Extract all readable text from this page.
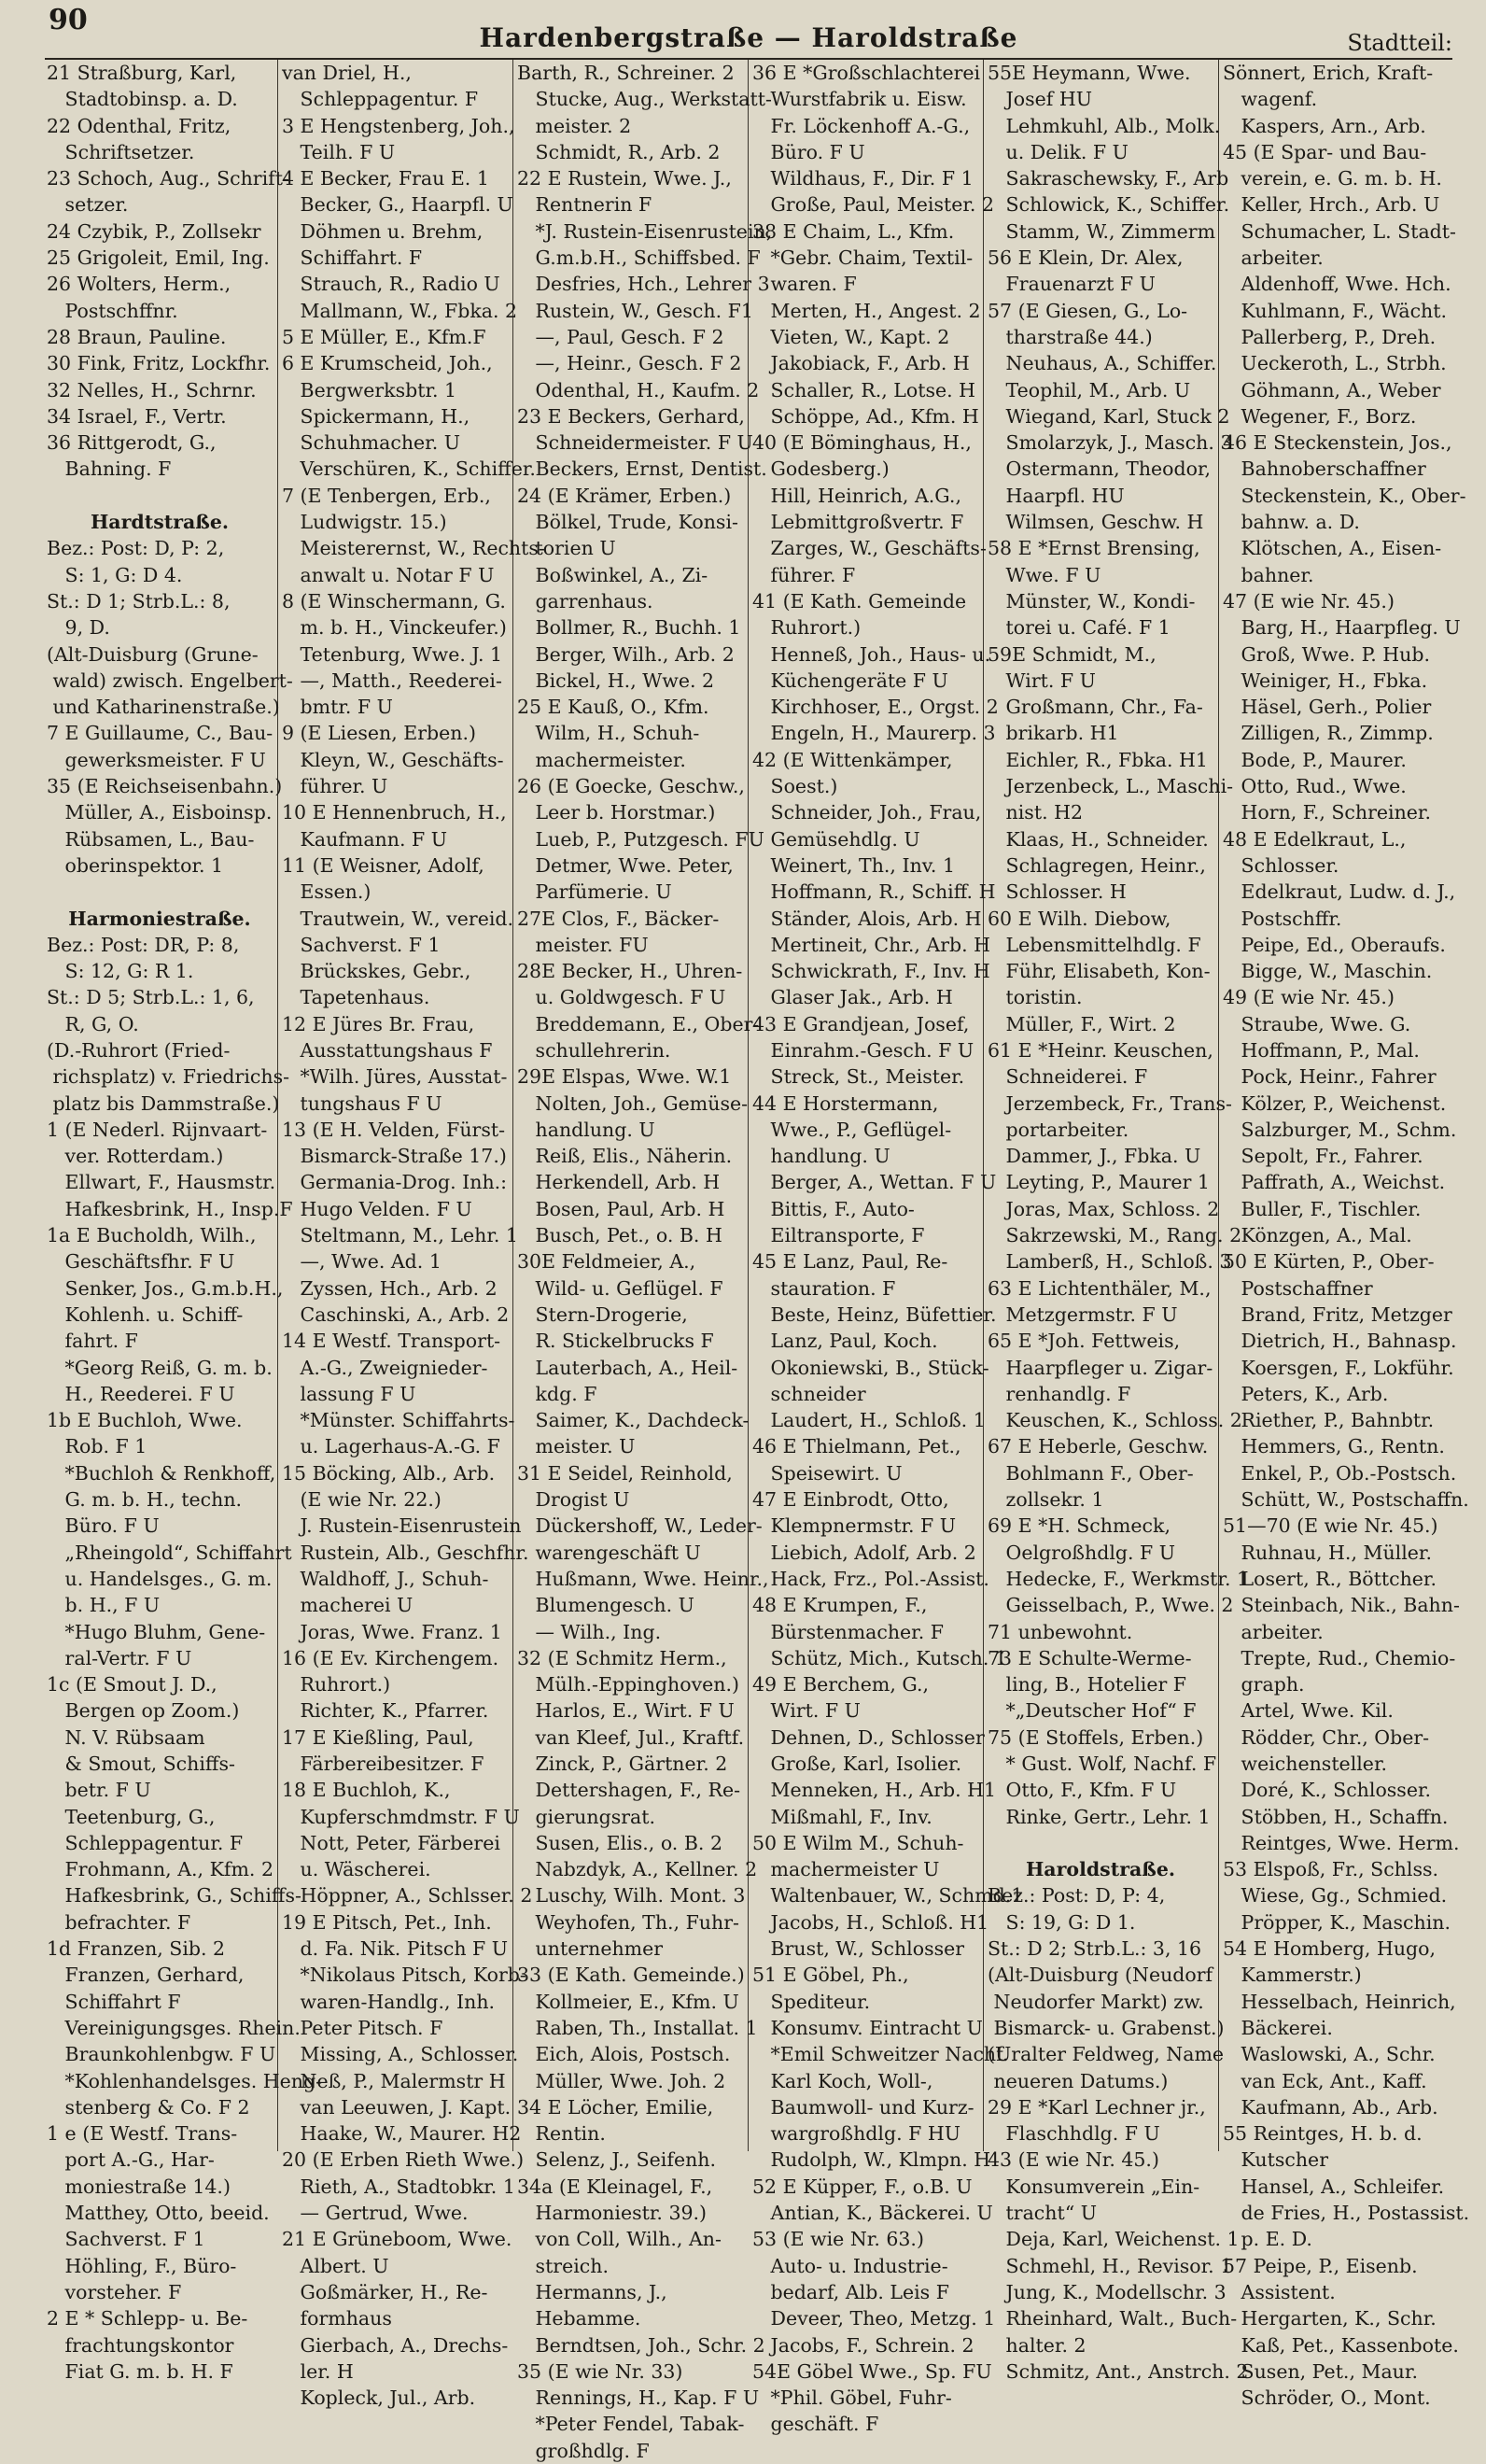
Hardenbergstraße — Haroldstraße	Stadtteil:
90
21 Straßburg, Karl,
Stadtobinsp. a. D.
22 Odenthal, Fritz,
Schriftsetzer.
23 Schoch, Aug., Schrift-
setzer.
24 Czybik, P., Zollsekr
25 Grigoleit, Emil, Ing.
26 Wolters, Herm.,
Postschffnr.
28 Braun, Pauline.
30 Fink, Fritz, Lockfhr.
32 Nelles, H., Schrnr.
34 Israel, F., Vertr.
36 Rittgerodt, G.,
Bahning. F
Hardtstraße.
Bez.: Post: D, P: 2,
S: 1, G: D 4.
St.: D 1; Strb.L.: 8,
9, D.
(Alt-Duisburg (Grune-
wald) zwisch. Engelbert-
und Katharinenstraße.)
7 E Guillaume, C., Bau-
gewerksmeister. F U
35 (E Reichseisenbahn.)
Müller, A., Eisboinsp.
Rübsamen, L., Bau-
oberinspektor. 1
Harmoniestraße.
Bez.: Post: DR, P: 8,
S: 12, G: R 1.
St.: D 5; Strb.L.: 1, 6,
R, G, O.
(D.-Ruhrort (Fried-
richsplatz) v. Friedrichs-
platz bis Dammstraße.)
1 (E Nederl. Rijnvaart-
ver. Rotterdam.)
Ellwart, F., Hausmstr.
Hafkesbrink, H., Insp.F
1a E Bucholdh, Wilh.,
Geschäftsfhr. F U
Senker, Jos., G.m.b.H.,
Kohlenh. u. Schiff-
fahrt. F
*Georg Reiß, G. m. b.
H., Reederei. F U
1b E Buchloh, Wwe.
Rob. F 1
*Buchloh & Renkhoff,
G. m. b. H., techn.
Büro. F U
„Rheingold“, Schiffahrt
u. Handelsges., G. m.
b. H., F U
*Hugo Bluhm, Gene-
ral-Vertr. F U
1c (E Smout J. D.,
Bergen op Zoom.)
N. V. Rübsaam
& Smout, Schiffs-
betr. F U
Teetenburg, G.,
Schleppagentur. F
Frohmann, A., Kfm. 2
Hafkesbrink, G., Schiffs-
befrachter. F
1d Franzen, Sib. 2
Franzen, Gerhard,
Schiffahrt F
Vereinigungsges. Rhein.
Braunkohlenbgw. F U
*Kohlenhandelsges. Heng-
stenberg & Co. F 2
1 e (E Westf. Trans-
port A.-G., Har-
moniestraße 14.)
Matthey, Otto, beeid.
Sachverst. F 1
Höhling, F., Büro-
vorsteher. F
2 E * Schlepp- u. Be-
frachtungskontor
Fiat G. m. b. H. F
van Driel, H.,
Schleppagentur. F
3 E Hengstenberg, Joh.,
Teilh. F U
4 E Becker, Frau E. 1
Becker, G., Haarpfl. U
Döhmen u. Brehm,
Schiffahrt. F
Strauch, R., Radio U
Mallmann, W., Fbka. 2
5 E Müller, E., Kfm.F
6 E Krumscheid, Joh.,
Bergwerksbtr. 1
Spickermann, H.,
Schuhmacher. U
Verschüren, K., Schiffer.
7 (E Tenbergen, Erb.,
Ludwigstr. 15.)
Meisterernst, W., Rechts-
anwalt u. Notar F U
8 (E Winschermann, G.
m. b. H., Vinckeufer.)
Tetenburg, Wwe. J. 1
—, Matth., Reederei-
bmtr. F U
9 (E Liesen, Erben.)
Kleyn, W., Geschäfts-
führer. U
10 E Hennenbruch, H.,
Kaufmann. F U
11 (E Weisner, Adolf,
Essen.)
Trautwein, W., vereid.
Sachverst. F 1
Brückskes, Gebr.,
Tapetenhaus.
12 E Jüres Br. Frau,
Ausstattungshaus F
*Wilh. Jüres, Ausstat-
tungshaus F U
13 (E H. Velden, Fürst-
Bismarck-Straße 17.)
Germania-Drog. Inh.:
Hugo Velden. F U
Steltmann, M., Lehr. 1
—, Wwe. Ad. 1
Zyssen, Hch., Arb. 2
Caschinski, A., Arb. 2
14 E Westf. Transport-
A.-G., Zweignieder-
lassung F U
*Münster. Schiffahrts-
u. Lagerhaus-A.-G. F
15 Böcking, Alb., Arb.
(E wie Nr. 22.)
J. Rustein-Eisenrustein
Rustein, Alb., Geschfhr.
Waldhoff, J., Schuh-
macherei U
Joras, Wwe. Franz. 1
16 (E Ev. Kirchengem.
Ruhrort.)
Richter, K., Pfarrer.
17 E Kießling, Paul,
Färbereibesitzer. F
18 E Buchloh, K.,
Kupferschmdmstr. F U
Nott, Peter, Färberei
u. Wäscherei.
Höppner, A., Schlsser. 2
19 E Pitsch, Pet., Inh.
d. Fa. Nik. Pitsch F U
*Nikolaus Pitsch, Korb-
waren-Handlg., Inh.
Peter Pitsch. F
Missing, A., Schlosser.
Neß, P., Malermstr H
van Leeuwen, J. Kapt.
Haake, W., Maurer. H2
20 (E Erben Rieth Wwe.)
Rieth, A., Stadtobkr. 1
— Gertrud, Wwe.
21 E Grüneboom, Wwe.
Albert. U
Goßmärker, H., Re-
formhaus
Gierbach, A., Drechs-
ler. H
Kopleck, Jul., Arb.
Barth, R., Schreiner. 2
Stucke, Aug., Werkstatt-
meister. 2
Schmidt, R., Arb. 2
22 E Rustein, Wwe. J.,
Rentnerin F
*J. Rustein-Eisenrustein,
G.m.b.H., Schiffsbed. F
Desfries, Hch., Lehrer 3
Rustein, W., Gesch. F1
—, Paul, Gesch. F 2
—, Heinr., Gesch. F 2
Odenthal, H., Kaufm. 2
23 E Beckers, Gerhard,
Schneidermeister. F U
Beckers, Ernst, Dentist.
24 (E Krämer, Erben.)
Bölkel, Trude, Konsi-
torien U
Boßwinkel, A., Zi-
garrenhaus.
Bollmer, R., Buchh. 1
Berger, Wilh., Arb. 2
Bickel, H., Wwe. 2
25 E Kauß, O., Kfm.
Wilm, H., Schuh-
machermeister.
26 (E Goecke, Geschw.,
Leer b. Horstmar.)
Lueb, P., Putzgesch. FU
Detmer, Wwe. Peter,
Parfümerie. U
27E Clos, F., Bäcker-
meister. FU
28E Becker, H., Uhren-
u. Goldwgesch. F U
Breddemann, E., Ober-
schullehrerin.
29E Elspas, Wwe. W.1
Nolten, Joh., Gemüse-
handlung. U
Reiß, Elis., Näherin.
Herkendell, Arb. H
Bosen, Paul, Arb. H
Busch, Pet., o. B. H
30E Feldmeier, A.,
Wild- u. Geflügel. F
Stern-Drogerie,
R. Stickelbrucks F
Lauterbach, A., Heil-
kdg. F
Saimer, K., Dachdeck-
meister. U
31 E Seidel, Reinhold,
Drogist U
Dückershoff, W., Leder-
warengeschäft U
Hußmann, Wwe. Heinr.,
Blumengesch. U
— Wilh., Ing.
32 (E Schmitz Herm.,
Mülh.-Eppinghoven.)
Harlos, E., Wirt. F U
van Kleef, Jul., Kraftf.
Zinck, P., Gärtner. 2
Dettershagen, F., Re-
gierungsrat.
Susen, Elis., o. B. 2
Nabzdyk, A., Kellner. 2
Luschy, Wilh. Mont. 3
Weyhofen, Th., Fuhr-
unternehmer
33 (E Kath. Gemeinde.)
Kollmeier, E., Kfm. U
Raben, Th., Installat. 1
Eich, Alois, Postsch.
Müller, Wwe. Joh. 2
34 E Löcher, Emilie,
Rentin.
Selenz, J., Seifenh.
34a (E Kleinagel, F.,
Harmoniestr. 39.)
von Coll, Wilh., An-
streich.
Hermanns, J.,
Hebamme.
Berndtsen, Joh., Schr. 2
35 (E wie Nr. 33)
Rennings, H., Kap. F U
*Peter Fendel, Tabak-
großhdlg. F
36 E *Großschlachterei
Wurstfabrik u. Eisw.
Fr. Löckenhoff A.-G.,
Büro. F U
Wildhaus, F., Dir. F 1
Große, Paul, Meister. 2
38 E Chaim, L., Kfm.
*Gebr. Chaim, Textil-
waren. F
Merten, H., Angest. 2
Vieten, W., Kapt. 2
Jakobiack, F., Arb. H
Schaller, R., Lotse. H
Schöppe, Ad., Kfm. H
40 (E Böminghaus, H.,
Godesberg.)
Hill, Heinrich, A.G.,
Lebmittgroßvertr. F
Zarges, W., Geschäfts-
führer. F
41 (E Kath. Gemeinde
Ruhrort.)
Henneß, Joh., Haus- u.
Küchengeräte F U
Kirchhoser, E., Orgst. 2
Engeln, H., Maurerp. 3
42 (E Wittenkämper,
Soest.)
Schneider, Joh., Frau,
Gemüsehdlg. U
Weinert, Th., Inv. 1
Hoffmann, R., Schiff. H
Ständer, Alois, Arb. H
Mertineit, Chr., Arb. H
Schwickrath, F., Inv. H
Glaser Jak., Arb. H
43 E Grandjean, Josef,
Einrahm.-Gesch. F U
Streck, St., Meister.
44 E Horstermann,
Wwe., P., Geflügel-
handlung. U
Berger, A., Wettan. F U
Bittis, F., Auto-
Eiltransporte, F
45 E Lanz, Paul, Re-
stauration. F
Beste, Heinz, Büfettier.
Lanz, Paul, Koch.
Okoniewski, B., Stück-
schneider
Laudert, H., Schloß. 1
46 E Thielmann, Pet.,
Speisewirt. U
47 E Einbrodt, Otto,
Klempnermstr. F U
Liebich, Adolf, Arb. 2
Hack, Frz., Pol.-Assist.
48 E Krumpen, F.,
Bürstenmacher. F
Schütz, Mich., Kutsch. 1
49 E Berchem, G.,
Wirt. F U
Dehnen, D., Schlosser
Große, Karl, Isolier.
Menneken, H., Arb. H1
Mißmahl, F., Inv.
50 E Wilm M., Schuh-
machermeister U
Waltenbauer, W., Schmd.1
Jacobs, H., Schloß. H1
Brust, W., Schlosser
51 E Göbel, Ph.,
Spediteur.
Konsumv. Eintracht U
*Emil Schweitzer Nachf.
Karl Koch, Woll-,
Baumwoll- und Kurz-
wargroßhdlg. F HU
Rudolph, W., Klmpn. H
52 E Küpper, F., o.B. U
Antian, K., Bäckerei. U
53 (E wie Nr. 63.)
Auto- u. Industrie-
bedarf, Alb. Leis F
Deveer, Theo, Metzg. 1
Jacobs, F., Schrein. 2
54E Göbel Wwe., Sp. FU
*Phil. Göbel, Fuhr-
geschäft. F
55E Heymann, Wwe.
Josef HU
Lehmkuhl, Alb., Molk.
u. Delik. F U
Sakraschewsky, F., Arb
Schlowick, K., Schiffer.
Stamm, W., Zimmerm
56 E Klein, Dr. Alex,
Frauenarzt F U
57 (E Giesen, G., Lo-
tharstraße 44.)
Neuhaus, A., Schiffer.
Teophil, M., Arb. U
Wiegand, Karl, Stuck 2
Smolarzyk, J., Masch. 3
Ostermann, Theodor,
Haarpfl. HU
Wilmsen, Geschw. H
58 E *Ernst Brensing,
Wwe. F U
Münster, W., Kondi-
torei u. Café. F 1
59E Schmidt, M.,
Wirt. F U
Großmann, Chr., Fa-
brikarb. H1
Eichler, R., Fbka. H1
Jerzenbeck, L., Maschi-
nist. H2
Klaas, H., Schneider.
Schlagregen, Heinr.,
Schlosser. H
60 E Wilh. Diebow,
Lebensmittelhdlg. F
Führ, Elisabeth, Kon-
toristin.
Müller, F., Wirt. 2
61 E *Heinr. Keuschen,
Schneiderei. F
Jerzembeck, Fr., Trans-
portarbeiter.
Dammer, J., Fbka. U
Leyting, P., Maurer 1
Joras, Max, Schloss. 2
Sakrzewski, M., Rang. 2
Lamberß, H., Schloß. 3
63 E Lichtenthäler, M.,
Metzgermstr. F U
65 E *Joh. Fettweis,
Haarpfleger u. Zigar-
renhandlg. F
Keuschen, K., Schloss. 2
67 E Heberle, Geschw.
Bohlmann F., Ober-
zollsekr. 1
69 E *H. Schmeck,
Oelgroßhdlg. F U
Hedecke, F., Werkmstr. 1
Geisselbach, P., Wwe. 2
71 unbewohnt.
73 E Schulte-Werme-
ling, B., Hotelier F
*„Deutscher Hof“ F
75 (E Stoffels, Erben.)
* Gust. Wolf, Nachf. F
Otto, F., Kfm. F U
Rinke, Gertr., Lehr. 1
Haroldstraße.
Bez.: Post: D, P: 4,
S: 19, G: D 1.
St.: D 2; Strb.L.: 3, 16
(Alt-Duisburg (Neudorf
Neudorfer Markt) zw.
Bismarck- u. Grabenst.)
(Uralter Feldweg, Name
neueren Datums.)
29 E *Karl Lechner jr.,
Flaschhdlg. F U
43 (E wie Nr. 45.)
Konsumverein „Ein-
tracht“ U
Deja, Karl, Weichenst. 1
Schmehl, H., Revisor. 1
Jung, K., Modellschr. 3
Rheinhard, Walt., Buch-
halter. 2
Schmitz, Ant., Anstrch. 2
Sönnert, Erich, Kraft-
wagenf.
Kaspers, Arn., Arb.
45 (E Spar- und Bau-
verein, e. G. m. b. H.
Keller, Hrch., Arb. U
Schumacher, L. Stadt-
arbeiter.
Aldenhoff, Wwe. Hch.
Kuhlmann, F., Wächt.
Pallerberg, P., Dreh.
Ueckeroth, L., Strbh.
Göhmann, A., Weber
Wegener, F., Borz.
46 E Steckenstein, Jos.,
Bahnoberschaffner
Steckenstein, K., Ober-
bahnw. a. D.
Klötschen, A., Eisen-
bahner.
47 (E wie Nr. 45.)
Barg, H., Haarpfleg. U
Groß, Wwe. P. Hub.
Weiniger, H., Fbka.
Häsel, Gerh., Polier
Zilligen, R., Zimmp.
Bode, P., Maurer.
Otto, Rud., Wwe.
Horn, F., Schreiner.
48 E Edelkraut, L.,
Schlosser.
Edelkraut, Ludw. d. J.,
Postschffr.
Peipe, Ed., Oberaufs.
Bigge, W., Maschin.
49 (E wie Nr. 45.)
Straube, Wwe. G.
Hoffmann, P., Mal.
Pock, Heinr., Fahrer
Kölzer, P., Weichenst.
Salzburger, M., Schm.
Sepolt, Fr., Fahrer.
Paffrath, A., Weichst.
Buller, F., Tischler.
Könzgen, A., Mal.
50 E Kürten, P., Ober-
Postschaffner
Brand, Fritz, Metzger
Dietrich, H., Bahnasp.
Koersgen, F., Lokführ.
Peters, K., Arb.
Riether, P., Bahnbtr.
Hemmers, G., Rentn.
Enkel, P., Ob.-Postsch.
Schütt, W., Postschaffn.
51—70 (E wie Nr. 45.)
Ruhnau, H., Müller.
Losert, R., Böttcher.
Steinbach, Nik., Bahn-
arbeiter.
Trepte, Rud., Chemio-
graph.
Artel, Wwe. Kil.
Rödder, Chr., Ober-
weichensteller.
Doré, K., Schlosser.
Stöbben, H., Schaffn.
Reintges, Wwe. Herm.
53 Elspoß, Fr., Schlss.
Wiese, Gg., Schmied.
Pröpper, K., Maschin.
54 E Homberg, Hugo,
Kammerstr.)
Hesselbach, Heinrich,
Bäckerei.
Waslowski, A., Schr.
van Eck, Ant., Kaff.
Kaufmann, Ab., Arb.
55 Reintges, H. b. d.
Kutscher
Hansel, A., Schleifer.
de Fries, H., Postassist.
p. E. D.
57 Peipe, P., Eisenb.
Assistent.
Hergarten, K., Schr.
Kaß, Pet., Kassenbote.
Susen, Pet., Maur.
Schröder, O., Mont.
